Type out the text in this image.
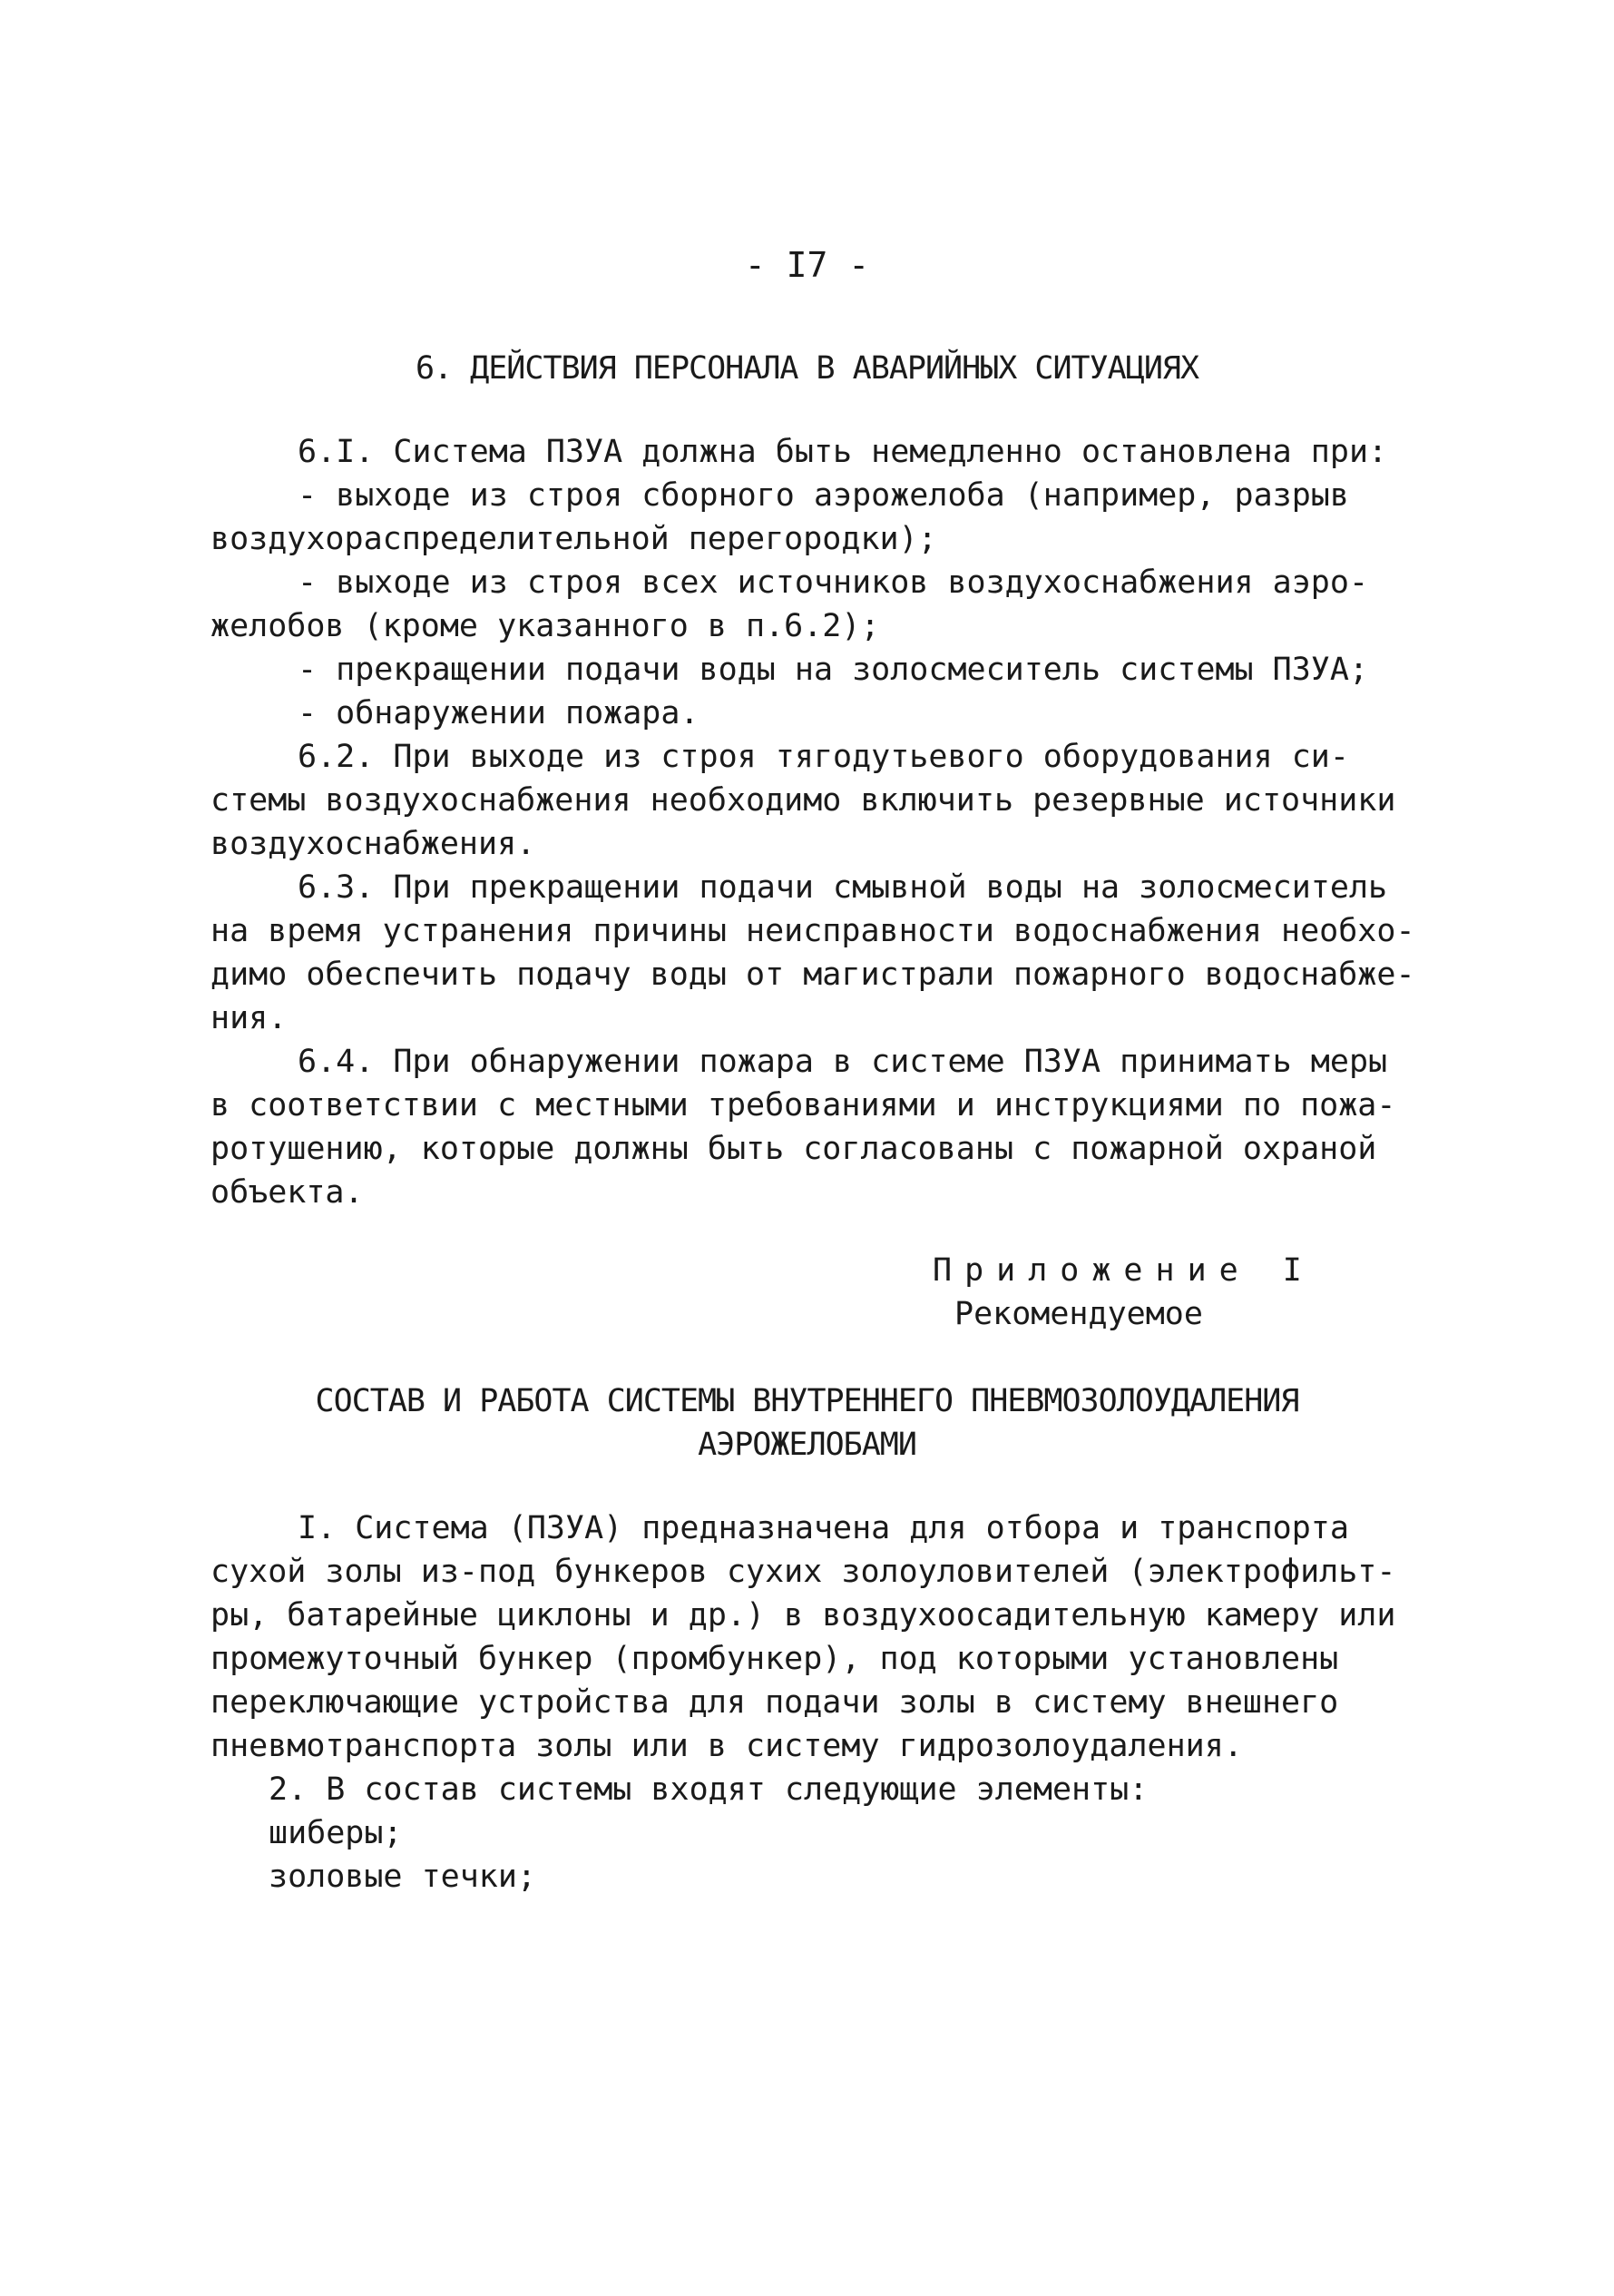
- I7 -
6. ДЕЙСТВИЯ ПЕРСОНАЛА В АВАРИЙНЫХ СИТУАЦИЯХ
6.I. Система ПЗУА должна быть немедленно остановлена при:
- выходе из строя сборного аэрожелоба (например, разрыв
воздухораспределительной перегородки);
- выходе из строя всех источников воздухоснабжения аэро-
желобов (кроме указанного в п.6.2);
- прекращении подачи воды на золосмеситель системы ПЗУА;
- обнаружении пожара.
6.2. При выходе из строя тягодутьевого оборудования си-
стемы воздухоснабжения необходимо включить резервные источники
воздухоснабжения.
6.3. При прекращении подачи смывной воды на золосмеситель
на время устранения причины неисправности водоснабжения необхо-
димо обеспечить подачу воды от магистрали пожарного водоснабже-
ния.
6.4. При обнаружении пожара в системе ПЗУА принимать меры
в соответствии с местными требованиями и инструкциями по пожа-
ротушению, которые должны быть согласованы с пожарной охраной
объекта.
Приложение I
Рекомендуемое
СОСТАВ И РАБОТА СИСТЕМЫ ВНУТРЕННЕГО ПНЕВМОЗОЛОУДАЛЕНИЯ
АЭРОЖЕЛОБАМИ
I. Система (ПЗУА) предназначена для отбора и транспорта
сухой золы из-под бункеров сухих золоуловителей (электрофильт-
ры, батарейные циклоны и др.) в воздухоосадительную камеру или
промежуточный бункер (промбункер), под которыми установлены
переключающие устройства для подачи золы в систему внешнего
пневмотранспорта золы или в систему гидрозолоудаления.
2. В состав системы входят следующие элементы:
шиберы;
золовые течки;
